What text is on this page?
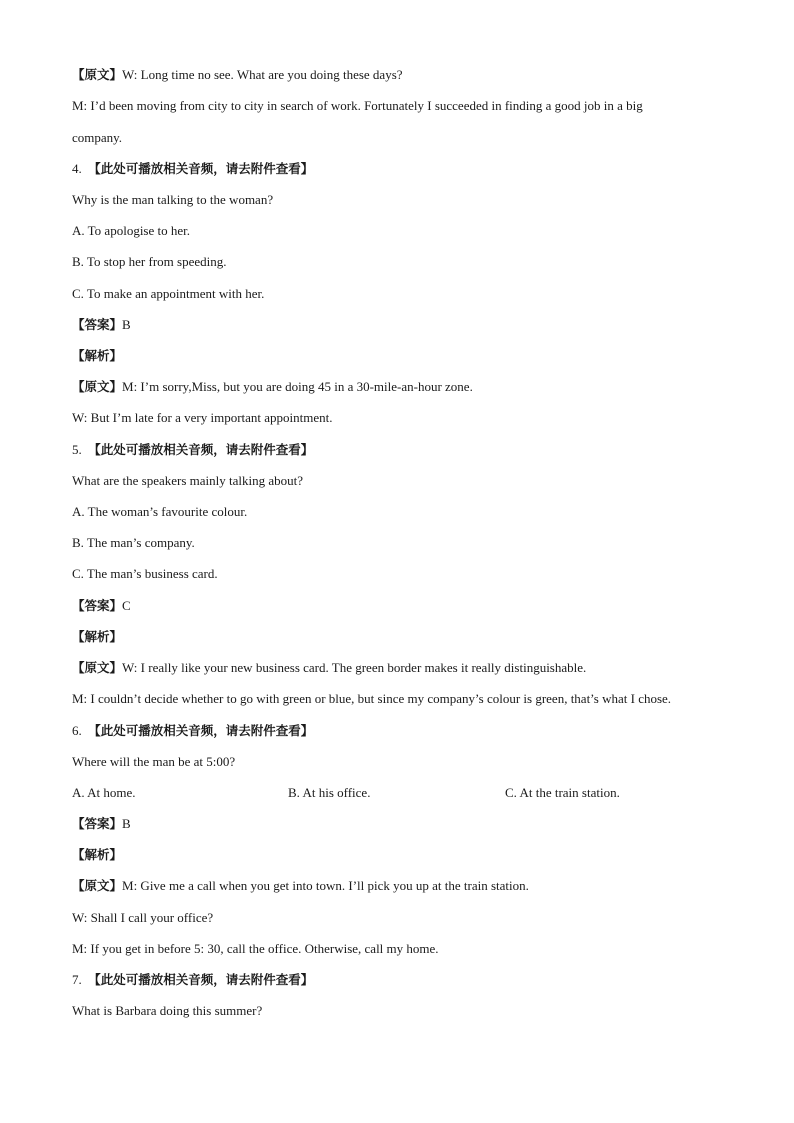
【原文】W: Long time no see. What are you doing these days?
M: I’d been moving from city to city in search of work. Fortunately I succeeded in finding a good job in a big
company.
4. 【此处可播放相关音频，请去附件查看】
Why is the man talking to the woman?
A. To apologise to her.
B. To stop her from speeding.
C. To make an appointment with her.
【答案】B
【解析】
【原文】M: I’m sorry,Miss, but you are doing 45 in a 30-mile-an-hour zone.
W: But I’m late for a very important appointment.
5. 【此处可播放相关音频，请去附件查看】
What are the speakers mainly talking about?
A. The woman’s favourite colour.
B. The man’s company.
C. The man’s business card.
【答案】C
【解析】
【原文】W: I really like your new business card. The green border makes it really distinguishable.
M: I couldn’t decide whether to go with green or blue, but since my company’s colour is green, that’s what I chose.
6. 【此处可播放相关音频，请去附件查看】
Where will the man be at 5:00?
A. At home.	B. At his office.	C. At the train station.
【答案】B
【解析】
【原文】M: Give me a call when you get into town. I’ll pick you up at the train station.
W: Shall I call your office?
M: If you get in before 5: 30, call the office. Otherwise, call my home.
7. 【此处可播放相关音频，请去附件查看】
What is Barbara doing this summer?
